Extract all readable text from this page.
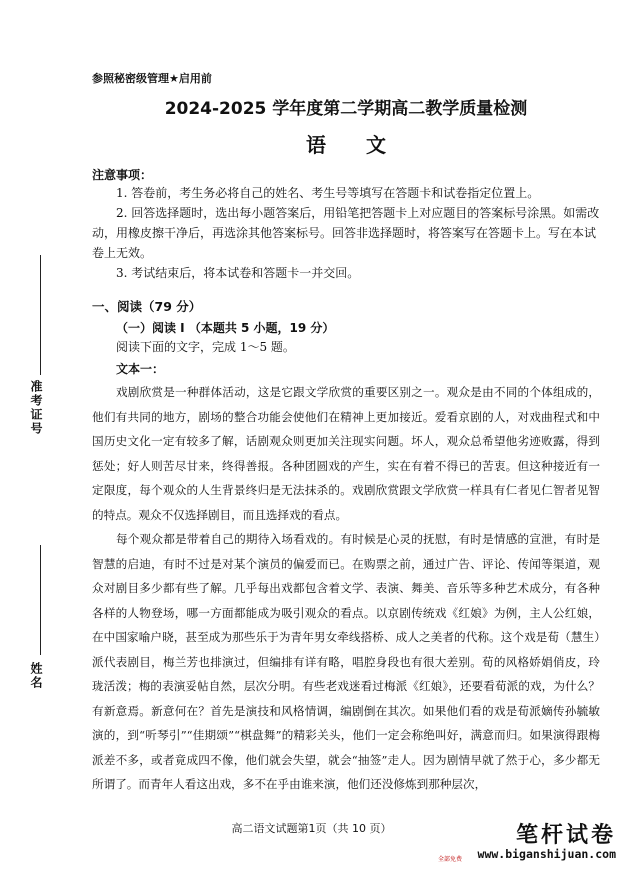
准考证号
姓名
参照秘密级管理★启用前
2024-2025 学年度第二学期高二教学质量检测
语文
注意事项：
1. 答卷前，考生务必将自己的姓名、考生号等填写在答题卡和试卷指定位置上。
2. 回答选择题时，选出每小题答案后，用铅笔把答题卡上对应题目的答案标号涂黑。如需改动，用橡皮擦干净后，再选涂其他答案标号。回答非选择题时，将答案写在答题卡上。写在本试卷上无效。
3. 考试结束后，将本试卷和答题卡一并交回。
一、阅读（79 分）
（一）阅读 I （本题共 5 小题，19 分）
阅读下面的文字，完成 1～5 题。
文本一：
戏剧欣赏是一种群体活动，这是它跟文学欣赏的重要区别之一。观众是由不同的个体组成的，他们有共同的地方，剧场的整合功能会使他们在精神上更加接近。爱看京剧的人，对戏曲程式和中国历史文化一定有较多了解，话剧观众则更加关注现实问题。坏人，观众总希望他劣迹败露，得到惩处；好人则苦尽甘来，终得善报。各种团圆戏的产生，实在有着不得已的苦衷。但这种接近有一定限度，每个观众的人生背景终归是无法抹杀的。戏剧欣赏跟文学欣赏一样具有仁者见仁智者见智的特点。观众不仅选择剧目，而且选择戏的看点。
每个观众都是带着自己的期待入场看戏的。有时候是心灵的抚慰，有时是情感的宣泄，有时是智慧的启迪，有时不过是对某个演员的偏爱而已。在购票之前，通过广告、评论、传闻等渠道，观众对剧目多少都有些了解。几乎每出戏都包含着文学、表演、舞美、音乐等多种艺术成分，有各种各样的人物登场，哪一方面都能成为吸引观众的看点。以京剧传统戏《红娘》为例，主人公红娘，在中国家喻户晓，甚至成为那些乐于为青年男女牵线搭桥、成人之美者的代称。这个戏是荀（慧生）派代表剧目，梅兰芳也排演过，但编排有详有略，唱腔身段也有很大差别。荀的风格娇娟俏皮，玲珑活泼；梅的表演妥帖自然，层次分明。有些老戏迷看过梅派《红娘》，还要看荀派的戏，为什么？有新意焉。新意何在？首先是演技和风格情调，编剧倒在其次。如果他们看的戏是荀派嫡传孙毓敏演的，到“听琴引”“佳期颂”“棋盘舞”的精彩关头，他们一定会称绝叫好，满意而归。如果演得跟梅派差不多，或者竟成四不像，他们就会失望，就会“抽签”走人。因为剧情早就了然于心，多少都无所谓了。而青年人看这出戏，多不在乎由谁来演，他们还没修炼到那种层次，
高二语文试题第1页（共 10 页）	笔杆试卷
www.biganshijuan.com
全部免费
